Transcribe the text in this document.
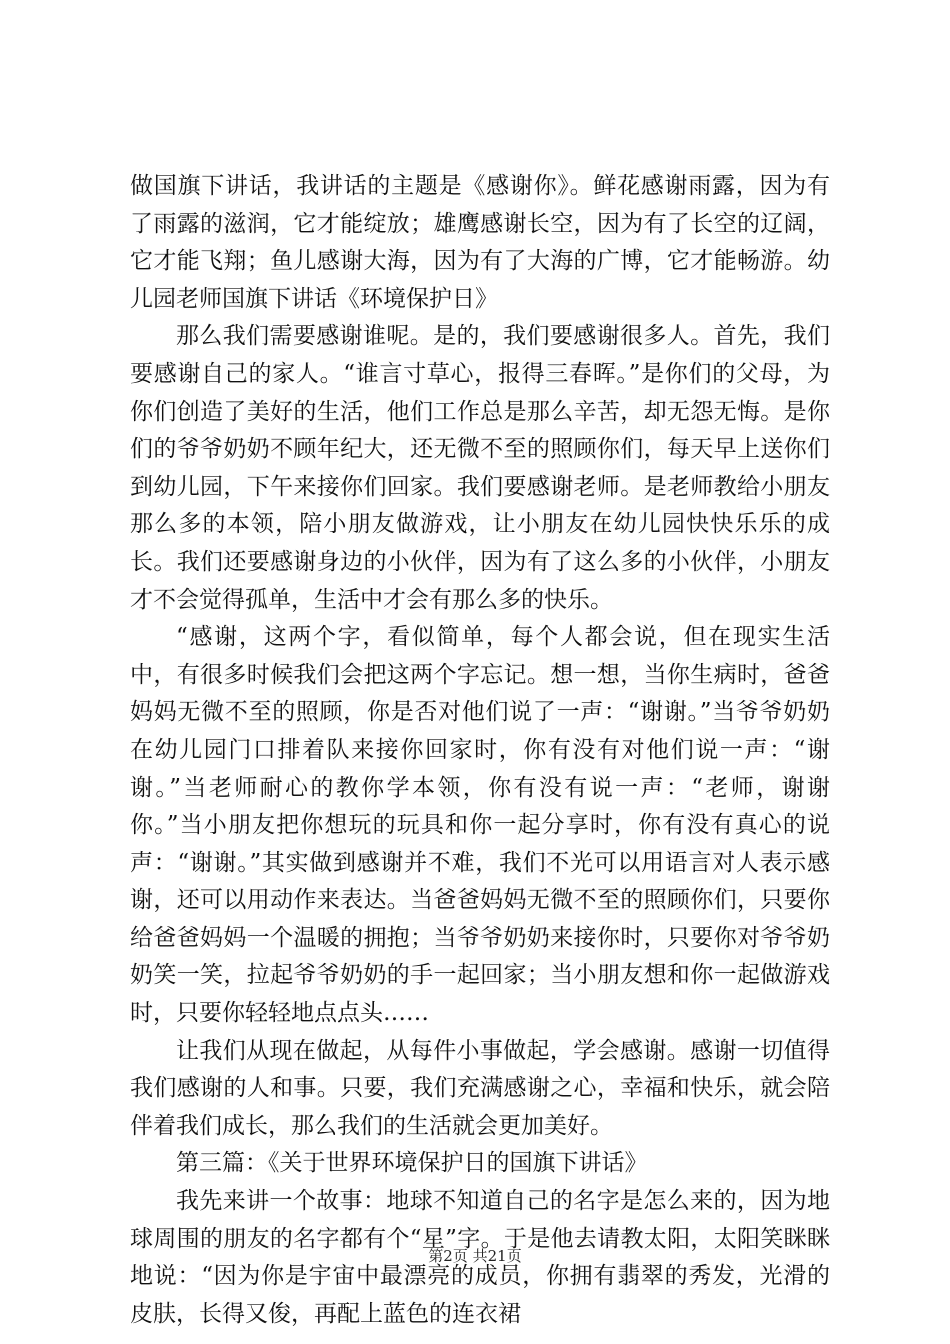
做国旗下讲话，我讲话的主题是《感谢你》。鲜花感谢雨露，因为有了雨露的滋润，它才能绽放；雄鹰感谢长空，因为有了长空的辽阔，它才能飞翔；鱼儿感谢大海，因为有了大海的广博，它才能畅游。幼儿园老师国旗下讲话《环境保护日》

那么我们需要感谢谁呢。是的，我们要感谢很多人。首先，我们要感谢自己的家人。“谁言寸草心，报得三春晖。”是你们的父母，为你们创造了美好的生活，他们工作总是那么辛苦，却无怨无悔。是你们的爷爷奶奶不顾年纪大，还无微不至的照顾你们，每天早上送你们到幼儿园，下午来接你们回家。我们要感谢老师。是老师教给小朋友那么多的本领，陪小朋友做游戏，让小朋友在幼儿园快快乐乐的成长。我们还要感谢身边的小伙伴，因为有了这么多的小伙伴，小朋友才不会觉得孤单，生活中才会有那么多的快乐。

“感谢，这两个字，看似简单，每个人都会说，但在现实生活中，有很多时候我们会把这两个字忘记。想一想，当你生病时，爸爸妈妈无微不至的照顾，你是否对他们说了一声：“谢谢。”当爷爷奶奶在幼儿园门口排着队来接你回家时，你有没有对他们说一声：“谢谢。”当老师耐心的教你学本领，你有没有说一声：“老师，谢谢你。”当小朋友把你想玩的玩具和你一起分享时，你有没有真心的说声：“谢谢。”其实做到感谢并不难，我们不光可以用语言对人表示感谢，还可以用动作来表达。当爸爸妈妈无微不至的照顾你们，只要你给爸爸妈妈一个温暖的拥抱；当爷爷奶奶来接你时，只要你对爷爷奶奶笑一笑，拉起爷爷奶奶的手一起回家；当小朋友想和你一起做游戏时，只要你轻轻地点点头……

让我们从现在做起，从每件小事做起，学会感谢。感谢一切值得我们感谢的人和事。只要，我们充满感谢之心，幸福和快乐，就会陪伴着我们成长，那么我们的生活就会更加美好。

第三篇：《关于世界环境保护日的国旗下讲话》

我先来讲一个故事：地球不知道自己的名字是怎么来的，因为地球周围的朋友的名字都有个“星”字。于是他去请教太阳，太阳笑眯眯地说：“因为你是宇宙中最漂亮的成员，你拥有翡翠的秀发，光滑的皮肤，长得又俊，再配上蓝色的连衣裙

第2页 共21页
